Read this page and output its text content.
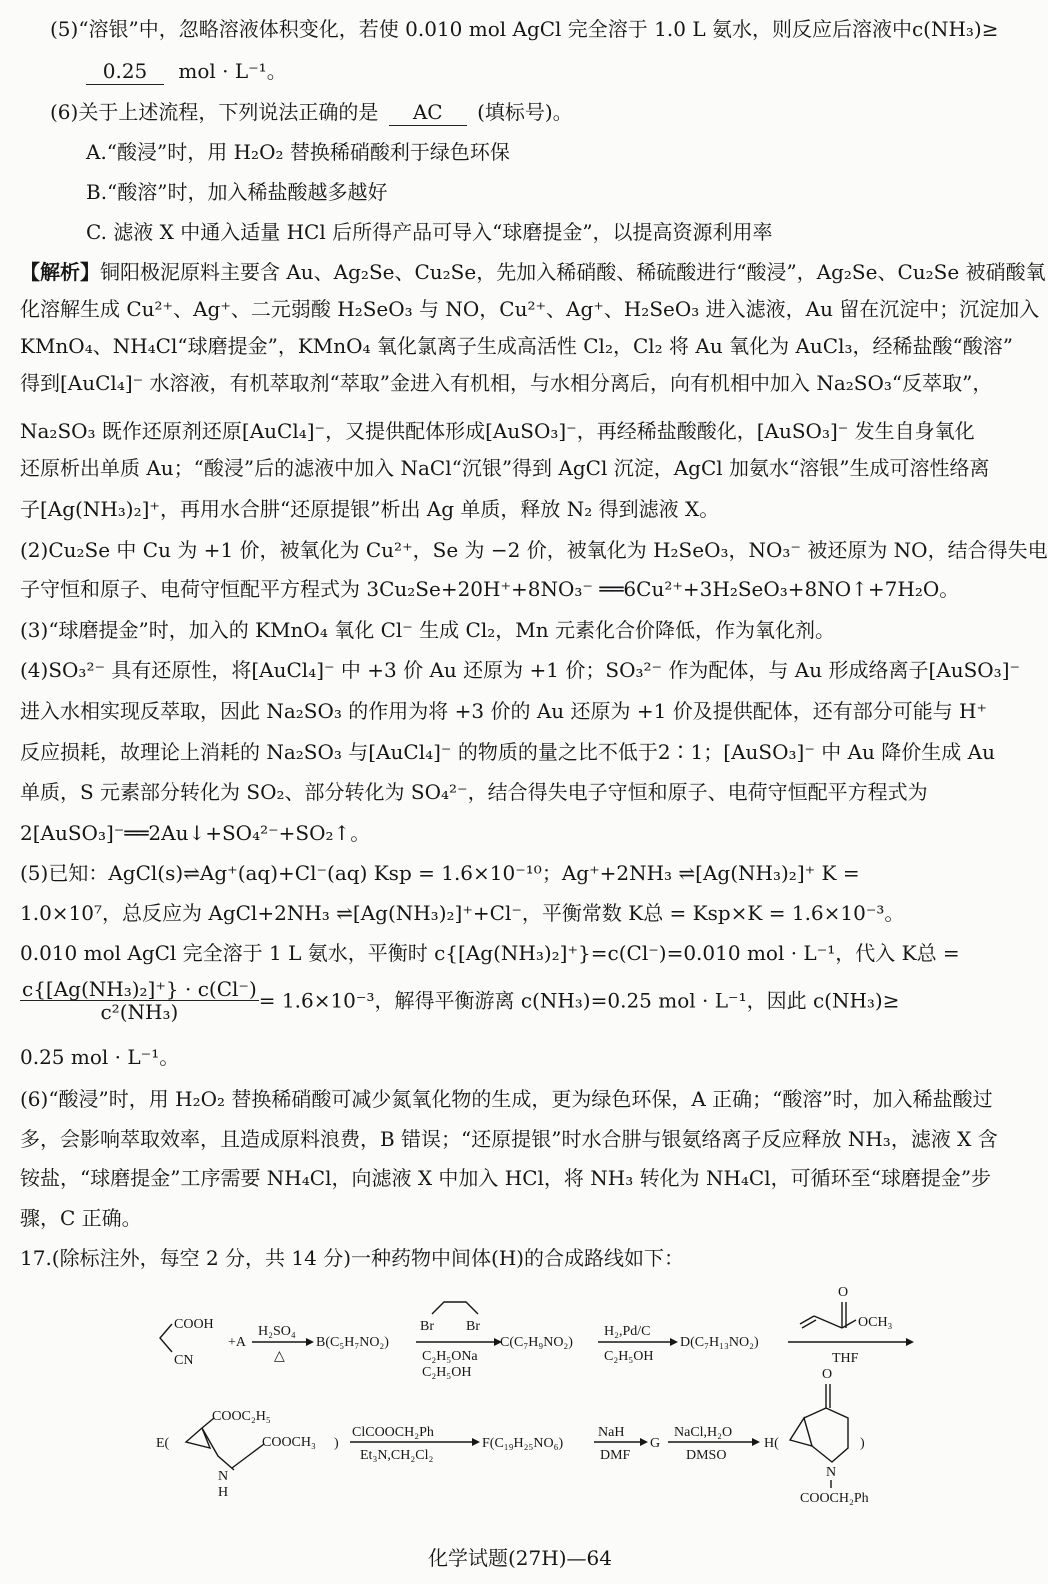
(5)“溶银”中，忽略溶液体积变化，若使 0.010 mol AgCl 完全溶于 1.0 L 氨水，则反应后溶液中c(NH₃)≥
0.25 mol · L⁻¹。
(6)关于上述流程，下列说法正确的是 AC (填标号)。
A.“酸浸”时，用 H₂O₂ 替换稀硝酸利于绿色环保
B.“酸溶”时，加入稀盐酸越多越好
C. 滤液 X 中通入适量 HCl 后所得产品可导入“球磨提金”，以提高资源利用率
【解析】铜阳极泥原料主要含 Au、Ag₂Se、Cu₂Se，先加入稀硝酸、稀硫酸进行“酸浸”，Ag₂Se、Cu₂Se 被硝酸氧
化溶解生成 Cu²⁺、Ag⁺、二元弱酸 H₂SeO₃ 与 NO，Cu²⁺、Ag⁺、H₂SeO₃ 进入滤液，Au 留在沉淀中；沉淀加入
KMnO₄、NH₄Cl“球磨提金”，KMnO₄ 氧化氯离子生成高活性 Cl₂，Cl₂ 将 Au 氧化为 AuCl₃，经稀盐酸“酸溶”
得到[AuCl₄]⁻ 水溶液，有机萃取剂“萃取”金进入有机相，与水相分离后，向有机相中加入 Na₂SO₃“反萃取”，
Na₂SO₃ 既作还原剂还原[AuCl₄]⁻，又提供配体形成[AuSO₃]⁻，再经稀盐酸酸化，[AuSO₃]⁻ 发生自身氧化
还原析出单质 Au；“酸浸”后的滤液中加入 NaCl“沉银”得到 AgCl 沉淀，AgCl 加氨水“溶银”生成可溶性络离
子[Ag(NH₃)₂]⁺，再用水合肼“还原提银”析出 Ag 单质，释放 N₂ 得到滤液 X。
(2)Cu₂Se 中 Cu 为 +1 价，被氧化为 Cu²⁺，Se 为 −2 价，被氧化为 H₂SeO₃，NO₃⁻ 被还原为 NO，结合得失电
子守恒和原子、电荷守恒配平方程式为 3Cu₂Se+20H⁺+8NO₃⁻ ══6Cu²⁺+3H₂SeO₃+8NO↑+7H₂O。
(3)“球磨提金”时，加入的 KMnO₄ 氧化 Cl⁻ 生成 Cl₂，Mn 元素化合价降低，作为氧化剂。
(4)SO₃²⁻ 具有还原性，将[AuCl₄]⁻ 中 +3 价 Au 还原为 +1 价；SO₃²⁻ 作为配体，与 Au 形成络离子[AuSO₃]⁻
进入水相实现反萃取，因此 Na₂SO₃ 的作用为将 +3 价的 Au 还原为 +1 价及提供配体，还有部分可能与 H⁺
反应损耗，故理论上消耗的 Na₂SO₃ 与[AuCl₄]⁻ 的物质的量之比不低于2∶1；[AuSO₃]⁻ 中 Au 降价生成 Au
单质，S 元素部分转化为 SO₂、部分转化为 SO₄²⁻，结合得失电子守恒和原子、电荷守恒配平方程式为
2[AuSO₃]⁻══2Au↓+SO₄²⁻+SO₂↑。
(5)已知：AgCl(s)⇌Ag⁺(aq)+Cl⁻(aq) Ksp = 1.6×10⁻¹⁰；Ag⁺+2NH₃ ⇌[Ag(NH₃)₂]⁺ K =
1.0×10⁷，总反应为 AgCl+2NH₃ ⇌[Ag(NH₃)₂]⁺+Cl⁻，平衡常数 K总 = Ksp×K = 1.6×10⁻³。
0.010 mol AgCl 完全溶于 1 L 氨水，平衡时 c{[Ag(NH₃)₂]⁺}=c(Cl⁻)=0.010 mol · L⁻¹，代入 K总 =
$\frac{\text{c\{[Ag(NH₃)₂]⁺\} · c(Cl⁻)}}{\text{c²(NH₃)}} = 1.6\times 10^{-3}$，解得平衡游离 c(NH₃)=0.25 mol · L⁻¹，因此 c(NH₃)≥
0.25 mol · L⁻¹。
(6)“酸浸”时，用 H₂O₂ 替换稀硝酸可减少氮氧化物的生成，更为绿色环保，A 正确；“酸溶”时，加入稀盐酸过
多，会影响萃取效率，且造成原料浪费，B 错误；“还原提银”时水合肼与银氨络离子反应释放 NH₃，滤液 X 含
铵盐，“球磨提金”工序需要 NH₄Cl，向滤液 X 中加入 HCl，将 NH₃ 转化为 NH₄Cl，可循环至“球磨提金”步
骤，C 正确。
17.(除标注外，每空 2 分，共 14 分)一种药物中间体(H)的合成路线如下：
COOH
CN
+A
H₂SO₄
△
B(C₅H₇NO₂)
Br Br
C₂H₅ONa
C₂H₅OH
C(C₇H₉NO₂)
H₂,Pd/C
C₂H₅OH
D(C₇H₁₃NO₂)
O
OCH₃
THF
E(
COOC₂H₅
N
H
COOCH₃ )
ClCOOCH₂Ph
Et₃N,CH₂Cl₂
F(C₁₉H₂₅NO₆)
NaH
DMF
G
NaCl,H₂O
DMSO
H(
O
N
COOCH₂Ph
)
化学试题(27H)—64
